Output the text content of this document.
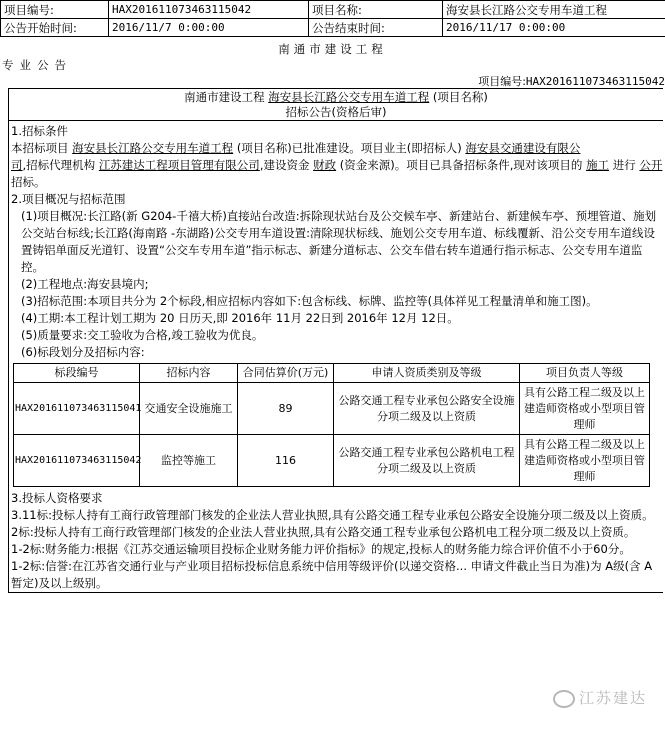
项目编号:	HAX201611073463115042	项目名称:	海安县长江路公交专用车道工程
公告开始时间:	2016/11/7 0:00:00	公告结束时间:	2016/11/17 0:00:00
南通市建设工程
专业公告
项目编号:HAX201611073463115042
南通市建设工程 海安县长江路公交专用车道工程 (项目名称)
招标公告(资格后审)

1.招标条件

本招标项目 海安县长江路公交专用车道工程 (项目名称)已批准建设。项目业主(即招标人) 海安县交通建设有限公
司,招标代理机构 江苏建达工程项目管理有限公司,建设资金 财政 (资金来源)。项目已具备招标条件,现对该项目的 施工 进行 公开 招标。

2.项目概况与招标范围

(1)项目概况:长江路(新 G204-千禧大桥)直接站台改造:拆除现状站台及公交候车亭、新建站台、新建候车亭、预埋管道、施划公交站台标线;长江路(海南路 -东湖路)公交专用车道设置:清除现状标线、施划公交专用车道、标线覆新、沿公交专用车道线设置铸铝单面反光道钉、设置“公交车专用车道”指示标志、新建分道标志、公交车借右转车道通行指示标志、公交专用车道监控。

(2)工程地点:海安县境内;

(3)招标范围:本项目共分为 2个标段,相应招标内容如下:包含标线、标牌、监控等(具体祥见工程量清单和施工图)。

(4)工期:本工程计划工期为 20 日历天,即 2016年 11月 22日到 2016年 12月 12日。

(5)质量要求:交工验收为合格,竣工验收为优良。

(6)标段划分及招标内容:

标段编号	招标内容	合同估算价(万元)	申请人资质类别及等级	项目负责人等级
HAX201611073463115041	交通安全设施施工	89	公路交通工程专业承包公路安全设施分项二级及以上资质	具有公路工程二级及以上建造师资格或小型项目管理师
HAX201611073463115042	监控等施工	116	公路交通工程专业承包公路机电工程分项二级及以上资质	具有公路工程二级及以上建造师资格或小型项目管理师

3.投标人资格要求

3.11标:投标人持有工商行政管理部门核发的企业法人营业执照,具有公路交通工程专业承包公路安全设施分项二级及以上资质。

2标:投标人持有工商行政管理部门核发的企业法人营业执照,具有公路交通工程专业承包公路机电工程分项二级及以上资质。

1-2标:财务能力:根据《江苏交通运输项目投标企业财务能力评价指标》的规定,投标人的财务能力综合评价值不小于60分。

1-2标:信誉:在江苏省交通行业与产业项目招标投标信息系统中信用等级评价(以递交资格... 申请文件截止当日为准)为 A级(含 A暂定)及以上级别。

江苏建达
